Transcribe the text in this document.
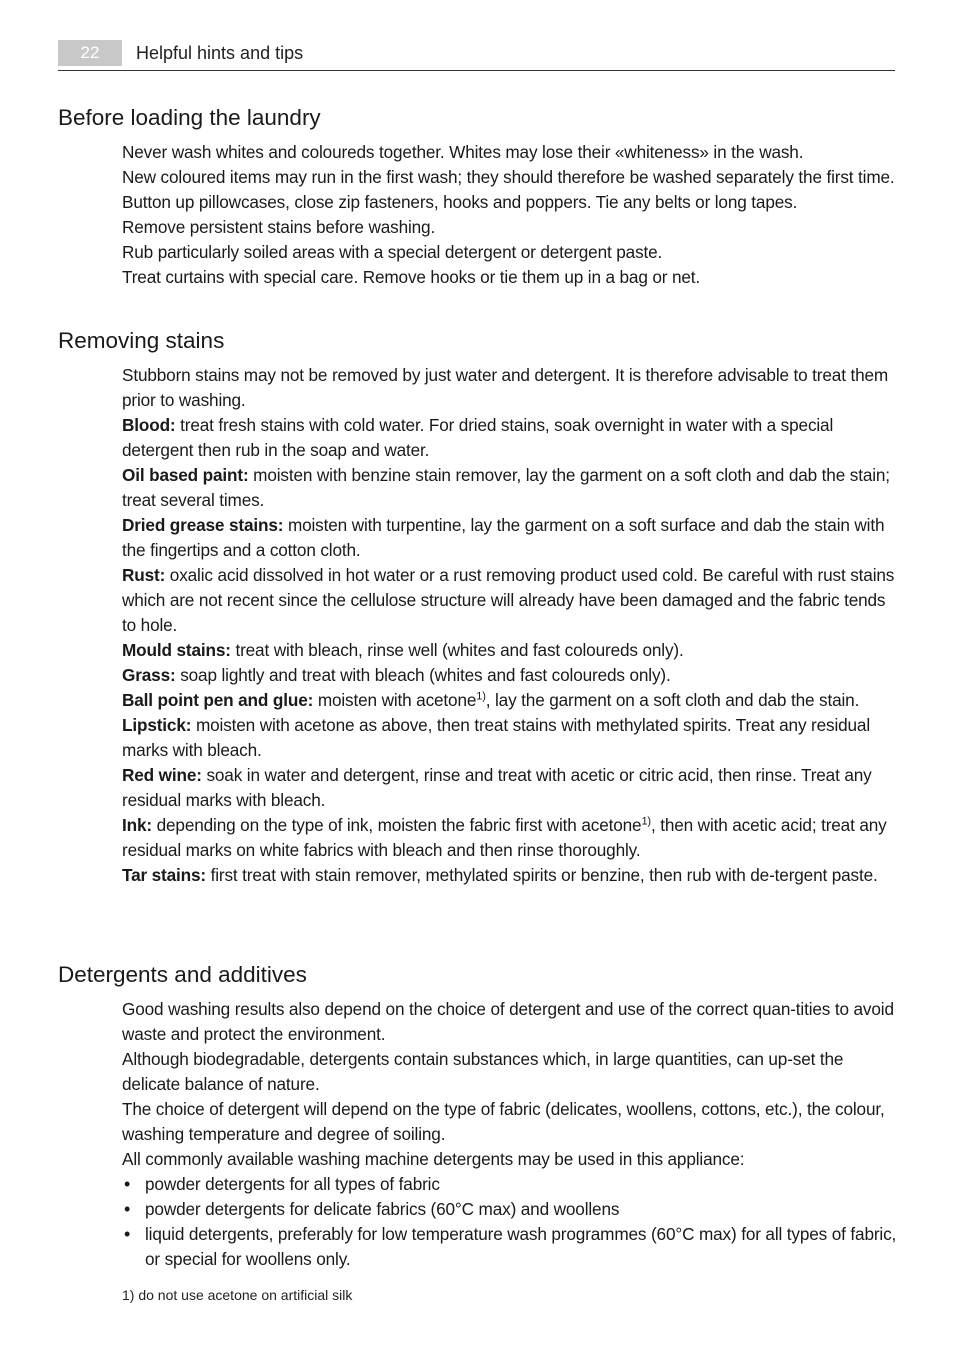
22	Helpful hints and tips
Before loading the laundry

Never wash whites and coloureds together. Whites may lose their «whiteness» in the wash.

New coloured items may run in the first wash; they should therefore be washed separately the first time.

Button up pillowcases, close zip fasteners, hooks and poppers. Tie any belts or long tapes.

Remove persistent stains before washing.

Rub particularly soiled areas with a special detergent or detergent paste.

Treat curtains with special care. Remove hooks or tie them up in a bag or net.

Removing stains

Stubborn stains may not be removed by just water and detergent. It is therefore advisable to treat them prior to washing.

Blood: treat fresh stains with cold water. For dried stains, soak overnight in water with a special detergent then rub in the soap and water.

Oil based paint: moisten with benzine stain remover, lay the garment on a soft cloth and dab the stain; treat several times.

Dried grease stains: moisten with turpentine, lay the garment on a soft surface and dab the stain with the fingertips and a cotton cloth.

Rust: oxalic acid dissolved in hot water or a rust removing product used cold. Be careful with rust stains which are not recent since the cellulose structure will already have been damaged and the fabric tends to hole.

Mould stains: treat with bleach, rinse well (whites and fast coloureds only).

Grass: soap lightly and treat with bleach (whites and fast coloureds only).

Ball point pen and glue: moisten with acetone$^{1)}$, lay the garment on a soft cloth and dab the stain.

Lipstick: moisten with acetone as above, then treat stains with methylated spirits. Treat any residual marks with bleach.

Red wine: soak in water and detergent, rinse and treat with acetic or citric acid, then rinse. Treat any residual marks with bleach.

Ink: depending on the type of ink, moisten the fabric first with acetone$^{1)}$, then with acetic acid; treat any residual marks on white fabrics with bleach and then rinse thoroughly.

Tar stains: first treat with stain remover, methylated spirits or benzine, then rub with de-tergent paste.

Detergents and additives

Good washing results also depend on the choice of detergent and use of the correct quan-tities to avoid waste and protect the environment.

Although biodegradable, detergents contain substances which, in large quantities, can up-set the delicate balance of nature.

The choice of detergent will depend on the type of fabric (delicates, woollens, cottons, etc.), the colour, washing temperature and degree of soiling.

All commonly available washing machine detergents may be used in this appliance:

• powder detergents for all types of fabric
• powder detergents for delicate fabrics (60°C max) and woollens
• liquid detergents, preferably for low temperature wash programmes (60°C max) for all types of fabric, or special for woollens only.
1) do not use acetone on artificial silk
